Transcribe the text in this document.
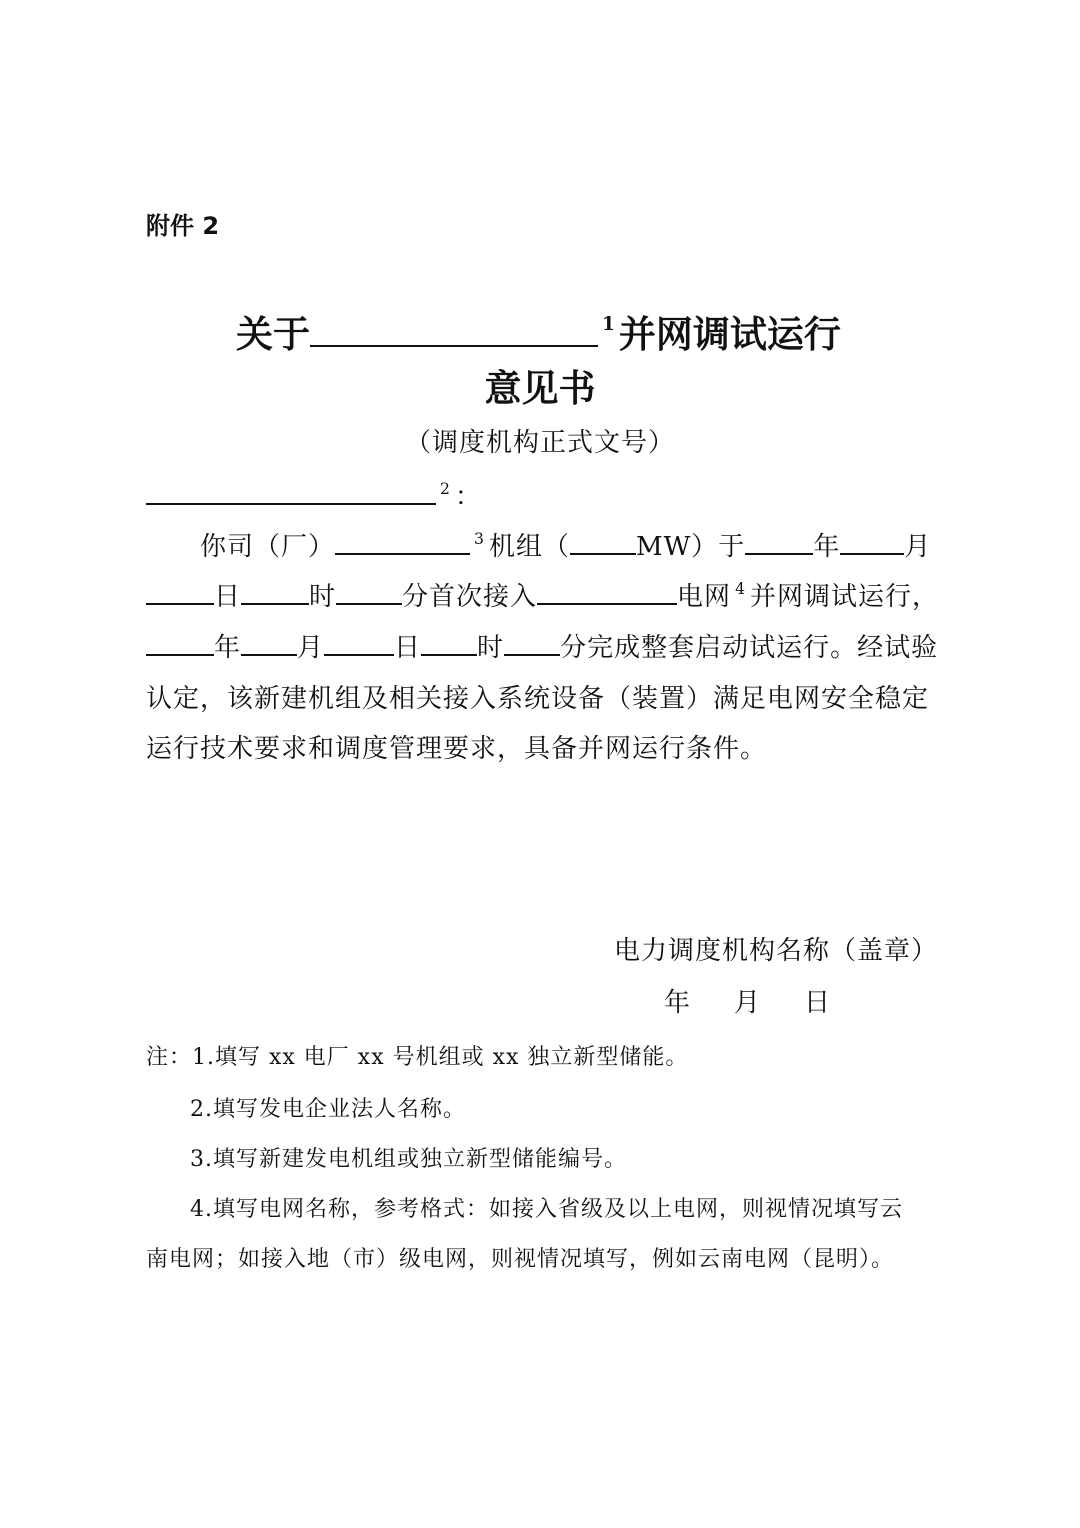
附件 2
关于	$^1$ 并网调试运行
意见书
（调度机构正式文号）
$^2$ ：
你司（厂）	$^3$ 机组（	MW）于	年 月
日	时	分首次接入	电网 $^4$ 并网调试运行，
年 月	日 时 分完成整套启动试运行。经试验
认定，该新建机组及相关接入系统设备（装置）满足电网安全稳定
运行技术要求和调度管理要求，具备并网运行条件。
电力调度机构名称（盖章）
年 月 日
注：1.填写 xx 电厂 xx 号机组或 xx 独立新型储能。
2.填写发电企业法人名称。
3.填写新建发电机组或独立新型储能编号。
4.填写电网名称，参考格式：如接入省级及以上电网，则视情况填写云
南电网；如接入地（市）级电网，则视情况填写，例如云南电网（昆明）。
